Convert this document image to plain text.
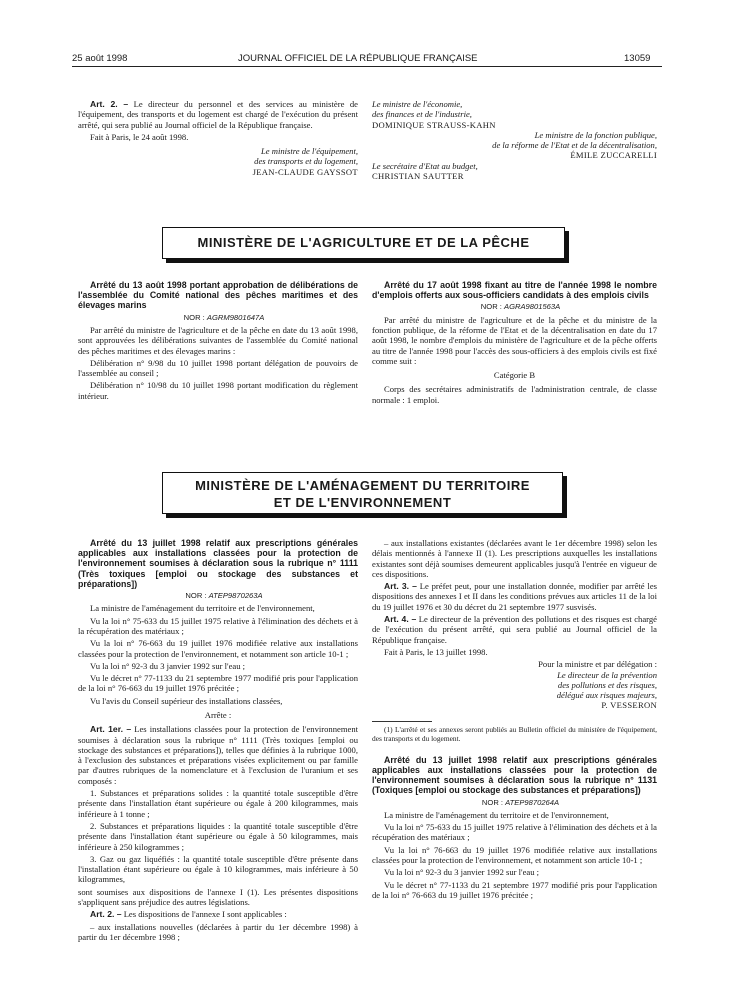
25 août 1998	JOURNAL OFFICIEL DE LA RÉPUBLIQUE FRANÇAISE	13059

Art. 2. – Le directeur du personnel et des services au ministère de l'équipement, des transports et du logement est chargé de l'exécution du présent arrêté, qui sera publié au Journal officiel de la République française.

Fait à Paris, le 24 août 1998.

Le ministre de l'équipement,
des transports et du logement,
JEAN-CLAUDE GAYSSOT
Le ministre de l'économie,
des finances et de l'industrie,
DOMINIQUE STRAUSS-KAHN
Le ministre de la fonction publique,
de la réforme de l'Etat et de la décentralisation,
ÉMILE ZUCCARELLI
Le secrétaire d'Etat au budget,
CHRISTIAN SAUTTER
MINISTÈRE DE L'AGRICULTURE ET DE LA PÊCHE

Arrêté du 13 août 1998 portant approbation de délibérations de l'assemblée du Comité national des pêches maritimes et des élevages marins

NOR : AGRM9801647A

Par arrêté du ministre de l'agriculture et de la pêche en date du 13 août 1998, sont approuvées les délibérations suivantes de l'assemblée du Comité national des pêches maritimes et des élevages marins :

Délibération n° 9/98 du 10 juillet 1998 portant délégation de pouvoirs de l'assemblée au conseil ;

Délibération n° 10/98 du 10 juillet 1998 portant modification du règlement intérieur.

Arrêté du 17 août 1998 fixant au titre de l'année 1998 le nombre d'emplois offerts aux sous-officiers candidats à des emplois civils

NOR : AGRA9801563A

Par arrêté du ministre de l'agriculture et de la pêche et du ministre de la fonction publique, de la réforme de l'Etat et de la décentralisation en date du 17 août 1998, le nombre d'emplois du ministère de l'agriculture et de la pêche offerts au titre de l'année 1998 pour l'accès des sous-officiers à des emplois civils est fixé comme suit :

Catégorie B

Corps des secrétaires administratifs de l'administration centrale, de classe normale : 1 emploi.

MINISTÈRE DE L'AMÉNAGEMENT DU TERRITOIRE
ET DE L'ENVIRONNEMENT

Arrêté du 13 juillet 1998 relatif aux prescriptions générales applicables aux installations classées pour la protection de l'environnement soumises à déclaration sous la rubrique n° 1111 (Très toxiques [emploi ou stockage des substances et préparations])

NOR : ATEP9870263A

La ministre de l'aménagement du territoire et de l'environnement,

Vu la loi n° 75-633 du 15 juillet 1975 relative à l'élimination des déchets et à la récupération des matériaux ;

Vu la loi n° 76-663 du 19 juillet 1976 modifiée relative aux installations classées pour la protection de l'environnement, et notamment son article 10-1 ;

Vu la loi n° 92-3 du 3 janvier 1992 sur l'eau ;

Vu le décret n° 77-1133 du 21 septembre 1977 modifié pris pour l'application de la loi n° 76-663 du 19 juillet 1976 précitée ;

Vu l'avis du Conseil supérieur des installations classées,

Arrête :

Art. 1er. – Les installations classées pour la protection de l'environnement soumises à déclaration sous la rubrique n° 1111 (Très toxiques [emploi ou stockage des substances et préparations]), telles que définies à la rubrique 1000, à l'exclusion des substances et préparations visées explicitement ou par famille par d'autres rubriques de la nomenclature et à l'exclusion de l'uranium et ses composés :

1. Substances et préparations solides : la quantité totale susceptible d'être présente dans l'installation étant supérieure ou égale à 200 kilogrammes, mais inférieure à 1 tonne ;

2. Substances et préparations liquides : la quantité totale susceptible d'être présente dans l'installation étant supérieure ou égale à 50 kilogrammes, mais inférieure à 250 kilogrammes ;

3. Gaz ou gaz liquéfiés : la quantité totale susceptible d'être présente dans l'installation étant supérieure ou égale à 10 kilogrammes, mais inférieure à 50 kilogrammes,

sont soumises aux dispositions de l'annexe I (1). Les présentes dispositions s'appliquent sans préjudice des autres législations.

Art. 2. – Les dispositions de l'annexe I sont applicables :

– aux installations nouvelles (déclarées à partir du 1er décembre 1998) à partir du 1er décembre 1998 ;

– aux installations existantes (déclarées avant le 1er décembre 1998) selon les délais mentionnés à l'annexe II (1). Les prescriptions auxquelles les installations existantes sont déjà soumises demeurent applicables jusqu'à l'entrée en vigueur de ces dispositions.

Art. 3. – Le préfet peut, pour une installation donnée, modifier par arrêté les dispositions des annexes I et II dans les conditions prévues aux articles 11 de la loi du 19 juillet 1976 et 30 du décret du 21 septembre 1977 susvisés.

Art. 4. – Le directeur de la prévention des pollutions et des risques est chargé de l'exécution du présent arrêté, qui sera publié au Journal officiel de la République française.

Fait à Paris, le 13 juillet 1998.

Pour la ministre et par délégation :
Le directeur de la prévention
des pollutions et des risques,
délégué aux risques majeurs,
P. VESSERON

(1) L'arrêté et ses annexes seront publiés au Bulletin officiel du ministère de l'équipement, des transports et du logement.

Arrêté du 13 juillet 1998 relatif aux prescriptions générales applicables aux installations classées pour la protection de l'environnement soumises à déclaration sous la rubrique n° 1131 (Toxiques [emploi ou stockage des substances et préparations])

NOR : ATEP9870264A

La ministre de l'aménagement du territoire et de l'environnement,

Vu la loi n° 75-633 du 15 juillet 1975 relative à l'élimination des déchets et à la récupération des matériaux ;

Vu la loi n° 76-663 du 19 juillet 1976 modifiée relative aux installations classées pour la protection de l'environnement, et notamment son article 10-1 ;

Vu la loi n° 92-3 du 3 janvier 1992 sur l'eau ;

Vu le décret n° 77-1133 du 21 septembre 1977 modifié pris pour l'application de la loi n° 76-663 du 19 juillet 1976 précitée ;
